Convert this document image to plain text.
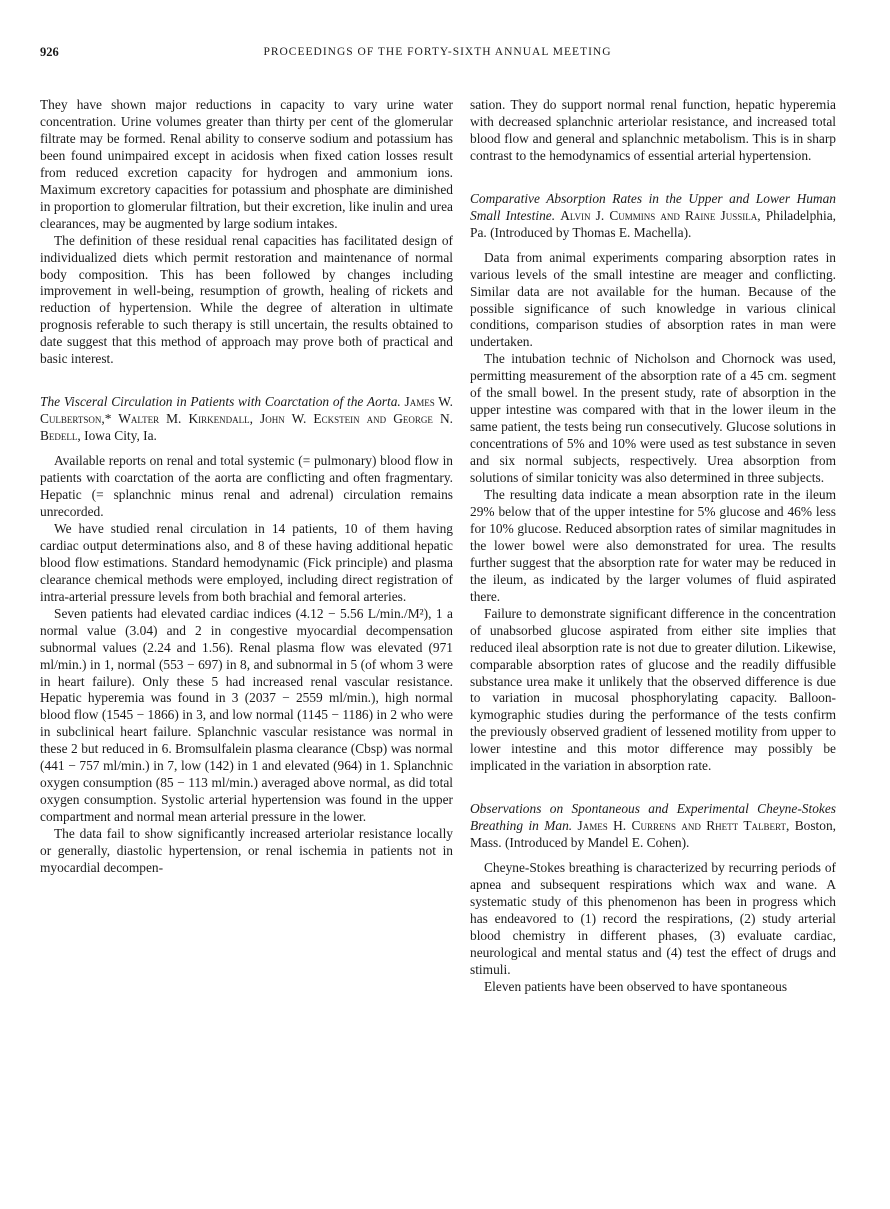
926	PROCEEDINGS OF THE FORTY-SIXTH ANNUAL MEETING

They have shown major reductions in capacity to vary urine water concentration. Urine volumes greater than thirty per cent of the glomerular filtrate may be formed. Renal ability to conserve sodium and potassium has been found unimpaired except in acidosis when fixed cation losses result from reduced excretion capacity for hydrogen and ammonium ions. Maximum excretory capacities for potassium and phosphate are diminished in proportion to glomerular filtration, but their excretion, like inulin and urea clearances, may be augmented by large sodium intakes.

The definition of these residual renal capacities has facilitated design of individualized diets which permit restoration and maintenance of normal body composition. This has been followed by changes including improvement in well-being, resumption of growth, healing of rickets and reduction of hypertension. While the degree of alteration in ultimate prognosis referable to such therapy is still uncertain, the results obtained to date suggest that this method of approach may prove both of practical and basic interest.

The Visceral Circulation in Patients with Coarctation of the Aorta. James W. Culbertson,* Walter M. Kirkendall, John W. Eckstein and George N. Bedell, Iowa City, Ia.

Available reports on renal and total systemic (= pulmonary) blood flow in patients with coarctation of the aorta are conflicting and often fragmentary. Hepatic (= splanchnic minus renal and adrenal) circulation remains unrecorded.

We have studied renal circulation in 14 patients, 10 of them having cardiac output determinations also, and 8 of these having additional hepatic blood flow estimations. Standard hemodynamic (Fick principle) and plasma clearance chemical methods were employed, including direct registration of intra-arterial pressure levels from both brachial and femoral arteries.

Seven patients had elevated cardiac indices (4.12 − 5.56 L/min./M²), 1 a normal value (3.04) and 2 in congestive myocardial decompensation subnormal values (2.24 and 1.56). Renal plasma flow was elevated (971 ml/min.) in 1, normal (553 − 697) in 8, and subnormal in 5 (of whom 3 were in heart failure). Only these 5 had increased renal vascular resistance. Hepatic hyperemia was found in 3 (2037 − 2559 ml/min.), high normal blood flow (1545 − 1866) in 3, and low normal (1145 − 1186) in 2 who were in subclinical heart failure. Splanchnic vascular resistance was normal in these 2 but reduced in 6. Bromsulfalein plasma clearance (Cbsp) was normal (441 − 757 ml/min.) in 7, low (142) in 1 and elevated (964) in 1. Splanchnic oxygen consumption (85 − 113 ml/min.) averaged above normal, as did total oxygen consumption. Systolic arterial hypertension was found in the upper compartment and normal mean arterial pressure in the lower.

The data fail to show significantly increased arteriolar resistance locally or generally, diastolic hypertension, or renal ischemia in patients not in myocardial decompen-

sation. They do support normal renal function, hepatic hyperemia with decreased splanchnic arteriolar resistance, and increased total blood flow and general and splanchnic metabolism. This is in sharp contrast to the hemodynamics of essential arterial hypertension.

Comparative Absorption Rates in the Upper and Lower Human Small Intestine. Alvin J. Cummins and Raine Jussila, Philadelphia, Pa. (Introduced by Thomas E. Machella).

Data from animal experiments comparing absorption rates in various levels of the small intestine are meager and conflicting. Similar data are not available for the human. Because of the possible significance of such knowledge in various clinical conditions, comparison studies of absorption rates in man were undertaken.

The intubation technic of Nicholson and Chornock was used, permitting measurement of the absorption rate of a 45 cm. segment of the small bowel. In the present study, rate of absorption in the upper intestine was compared with that in the lower ileum in the same patient, the tests being run consecutively. Glucose solutions in concentrations of 5% and 10% were used as test substance in seven and six normal subjects, respectively. Urea absorption from solutions of similar tonicity was also determined in three subjects.

The resulting data indicate a mean absorption rate in the ileum 29% below that of the upper intestine for 5% glucose and 46% less for 10% glucose. Reduced absorption rates of similar magnitudes in the lower bowel were also demonstrated for urea. The results further suggest that the absorption rate for water may be reduced in the ileum, as indicated by the larger volumes of fluid aspirated there.

Failure to demonstrate significant difference in the concentration of unabsorbed glucose aspirated from either site implies that reduced ileal absorption rate is not due to greater dilution. Likewise, comparable absorption rates of glucose and the readily diffusible substance urea make it unlikely that the observed difference is due to variation in mucosal phosphorylating capacity. Balloon-kymographic studies during the performance of the tests confirm the previously observed gradient of lessened motility from upper to lower intestine and this motor difference may possibly be implicated in the variation in absorption rate.

Observations on Spontaneous and Experimental Cheyne-Stokes Breathing in Man. James H. Currens and Rhett Talbert, Boston, Mass. (Introduced by Mandel E. Cohen).

Cheyne-Stokes breathing is characterized by recurring periods of apnea and subsequent respirations which wax and wane. A systematic study of this phenomenon has been in progress which has endeavored to (1) record the respirations, (2) study arterial blood chemistry in different phases, (3) evaluate cardiac, neurological and mental status and (4) test the effect of drugs and stimuli.

Eleven patients have been observed to have spontaneous
